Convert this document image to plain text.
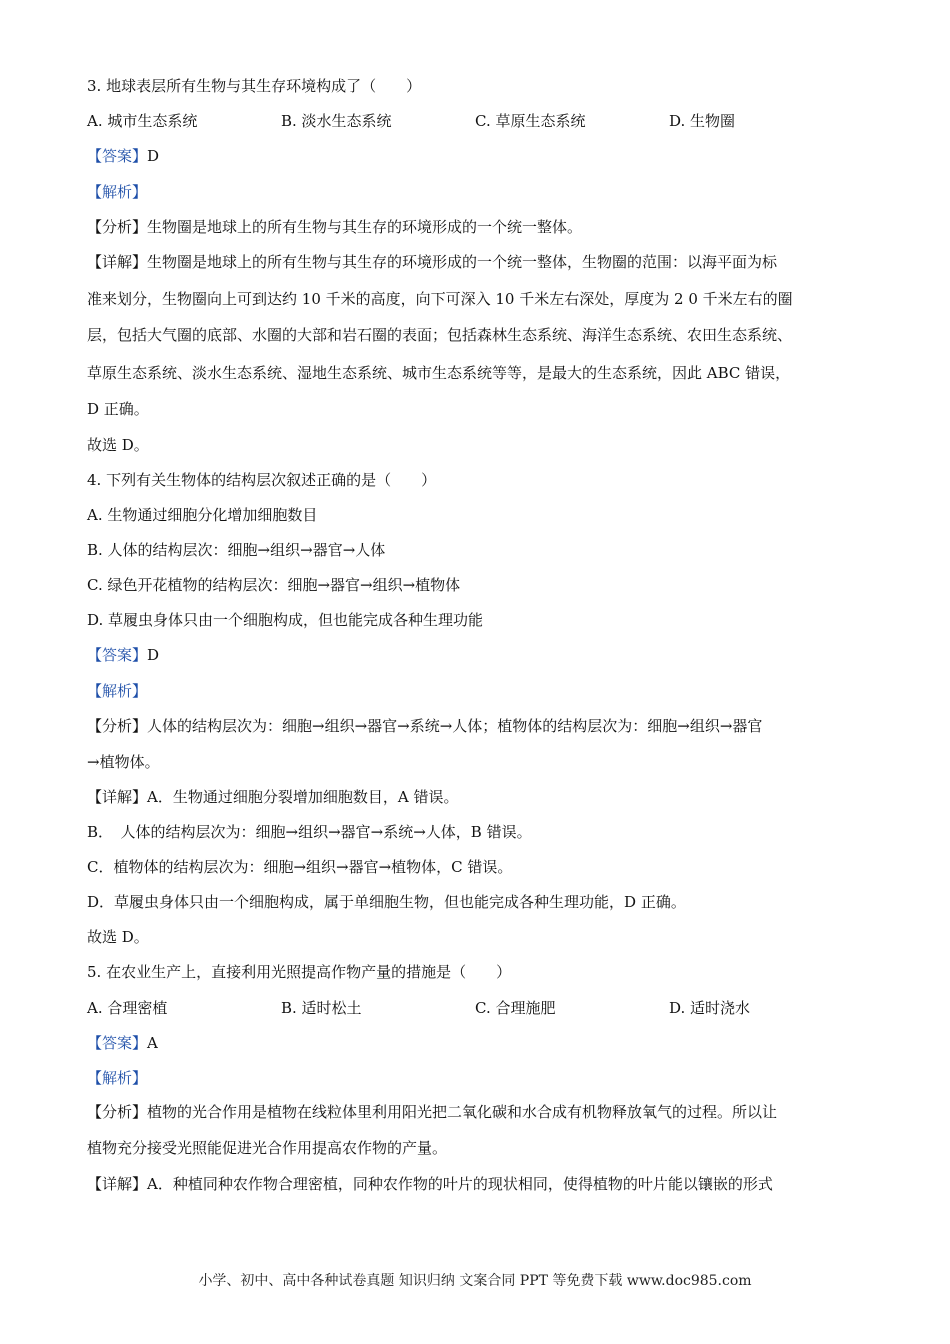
3. 地球表层所有生物与其生存环境构成了（　　）
A. 城市生态系统	B. 淡水生态系统	C. 草原生态系统	D. 生物圈
【答案】D
【解析】
【分析】生物圈是地球上的所有生物与其生存的环境形成的一个统一整体。
【详解】生物圈是地球上的所有生物与其生存的环境形成的一个统一整体，生物圈的范围：以海平面为标
准来划分，生物圈向上可到达约 10 千米的高度，向下可深入 10 千米左右深处，厚度为 2 0 千米左右的圈
层，包括大气圈的底部、水圈的大部和岩石圈的表面；包括森林生态系统、海洋生态系统、农田生态系统、
草原生态系统、淡水生态系统、湿地生态系统、城市生态系统等等，是最大的生态系统，因此 ABC 错误，
D 正确。
故选 D。
4. 下列有关生物体的结构层次叙述正确的是（　　）
A. 生物通过细胞分化增加细胞数目
B. 人体的结构层次：细胞→组织→器官→人体
C. 绿色开花植物的结构层次：细胞→器官→组织→植物体
D. 草履虫身体只由一个细胞构成，但也能完成各种生理功能
【答案】D
【解析】
【分析】人体的结构层次为：细胞→组织→器官→系统→人体；植物体的结构层次为：细胞→组织→器官
→植物体。
【详解】A．生物通过细胞分裂增加细胞数目，A 错误。
B．　人体的结构层次为：细胞→组织→器官→系统→人体，B 错误。
C．植物体的结构层次为：细胞→组织→器官→植物体，C 错误。
D．草履虫身体只由一个细胞构成，属于单细胞生物，但也能完成各种生理功能，D 正确。
故选 D。
5. 在农业生产上，直接利用光照提高作物产量的措施是（　　）
A. 合理密植	B. 适时松土	C. 合理施肥	D. 适时浇水
【答案】A
【解析】
【分析】植物的光合作用是植物在线粒体里利用阳光把二氧化碳和水合成有机物释放氧气的过程。所以让
植物充分接受光照能促进光合作用提高农作物的产量。
【详解】A．种植同种农作物合理密植，同种农作物的叶片的现状相同，使得植物的叶片能以镶嵌的形式
小学、初中、高中各种试卷真题 知识归纳 文案合同 PPT 等免费下载 www.doc985.com
